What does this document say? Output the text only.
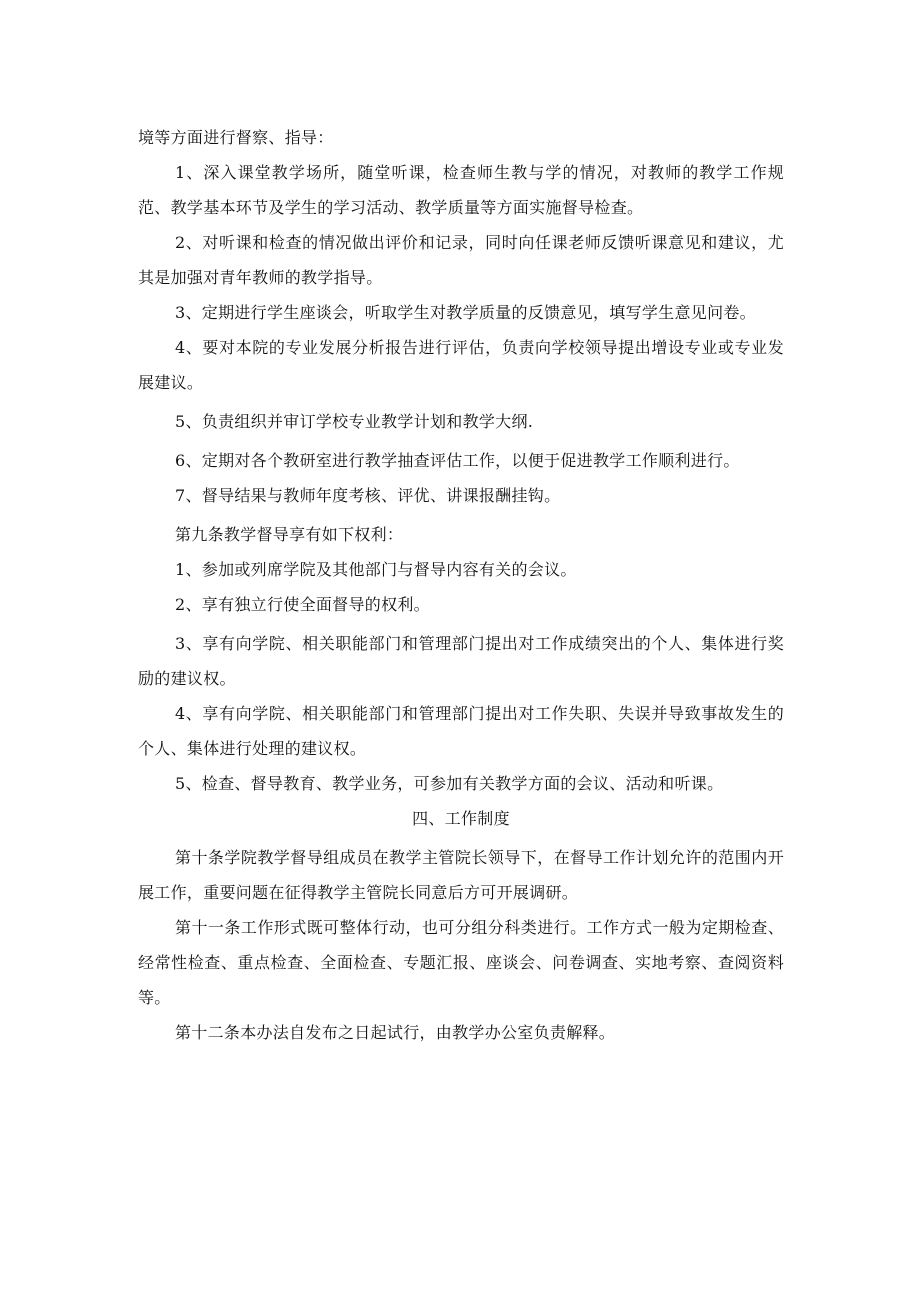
境等方面进行督察、指导：

1、深入课堂教学场所，随堂听课，检查师生教与学的情况，对教师的教学工作规范、教学基本环节及学生的学习活动、教学质量等方面实施督导检查。

2、对听课和检查的情况做出评价和记录，同时向任课老师反馈听课意见和建议，尤其是加强对青年教师的教学指导。

3、定期进行学生座谈会，听取学生对教学质量的反馈意见，填写学生意见问卷。

4、要对本院的专业发展分析报告进行评估，负责向学校领导提出增设专业或专业发展建议。

5、负责组织并审订学校专业教学计划和教学大纲.

6、定期对各个教研室进行教学抽查评估工作，以便于促进教学工作顺利进行。

7、督导结果与教师年度考核、评优、讲课报酬挂钩。

第九条教学督导享有如下权利：

1、参加或列席学院及其他部门与督导内容有关的会议。

2、享有独立行使全面督导的权利。

3、享有向学院、相关职能部门和管理部门提出对工作成绩突出的个人、集体进行奖励的建议权。

4、享有向学院、相关职能部门和管理部门提出对工作失职、失误并导致事故发生的个人、集体进行处理的建议权。

5、检查、督导教育、教学业务，可参加有关教学方面的会议、活动和听课。

四、工作制度

第十条学院教学督导组成员在教学主管院长领导下，在督导工作计划允许的范围内开展工作，重要问题在征得教学主管院长同意后方可开展调研。

第十一条工作形式既可整体行动，也可分组分科类进行。工作方式一般为定期检查、经常性检查、重点检查、全面检查、专题汇报、座谈会、问卷调查、实地考察、查阅资料等。

第十二条本办法自发布之日起试行，由教学办公室负责解释。
